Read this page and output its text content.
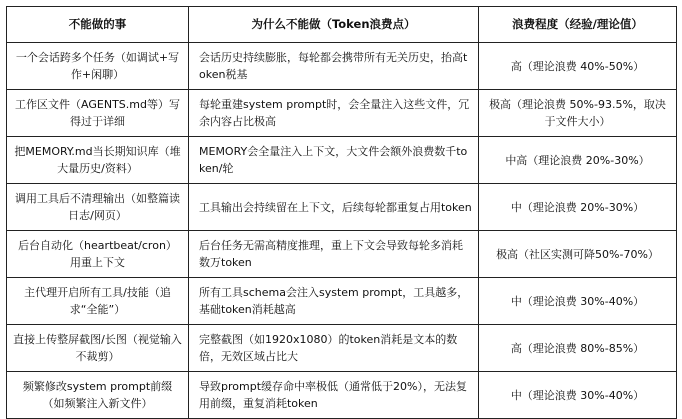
不能做的事	为什么不能做（Token浪费点）	浪费程度（经验/理论值）
一个会话跨多个任务（如调试+写作+闲聊）	会话历史持续膨胀，每轮都会携带所有无关历史，抬高token税基	高（理论浪费 40%-50%）
工作区文件（AGENTS.md等）写得过于详细	每轮重建system prompt时，会全量注入这些文件，冗余内容占比极高	极高（理论浪费 50%-93.5%，取决于文件大小）
把MEMORY.md当长期知识库（堆大量历史/资料）	MEMORY会全量注入上下文，大文件会额外浪费数千token/轮	中高（理论浪费 20%-30%）
调用工具后不清理输出（如整篇读日志/网页）	工具输出会持续留在上下文，后续每轮都重复占用token	中（理论浪费 20%-30%）
后台自动化（heartbeat/cron）用重上下文	后台任务无需高精度推理，重上下文会导致每轮多消耗数万token	极高（社区实测可降50%-70%）
主代理开启所有工具/技能（追求“全能”）	所有工具schema会注入system prompt，工具越多，基础token消耗越高	中（理论浪费 30%-40%）
直接上传整屏截图/长图（视觉输入不裁剪）	完整截图（如1920x1080）的token消耗是文本的数倍，无效区域占比大	高（理论浪费 80%-85%）
频繁修改system prompt前缀（如频繁注入新文件）	导致prompt缓存命中率极低（通常低于20%），无法复用前缀，重复消耗token	中（理论浪费 30%-40%）
